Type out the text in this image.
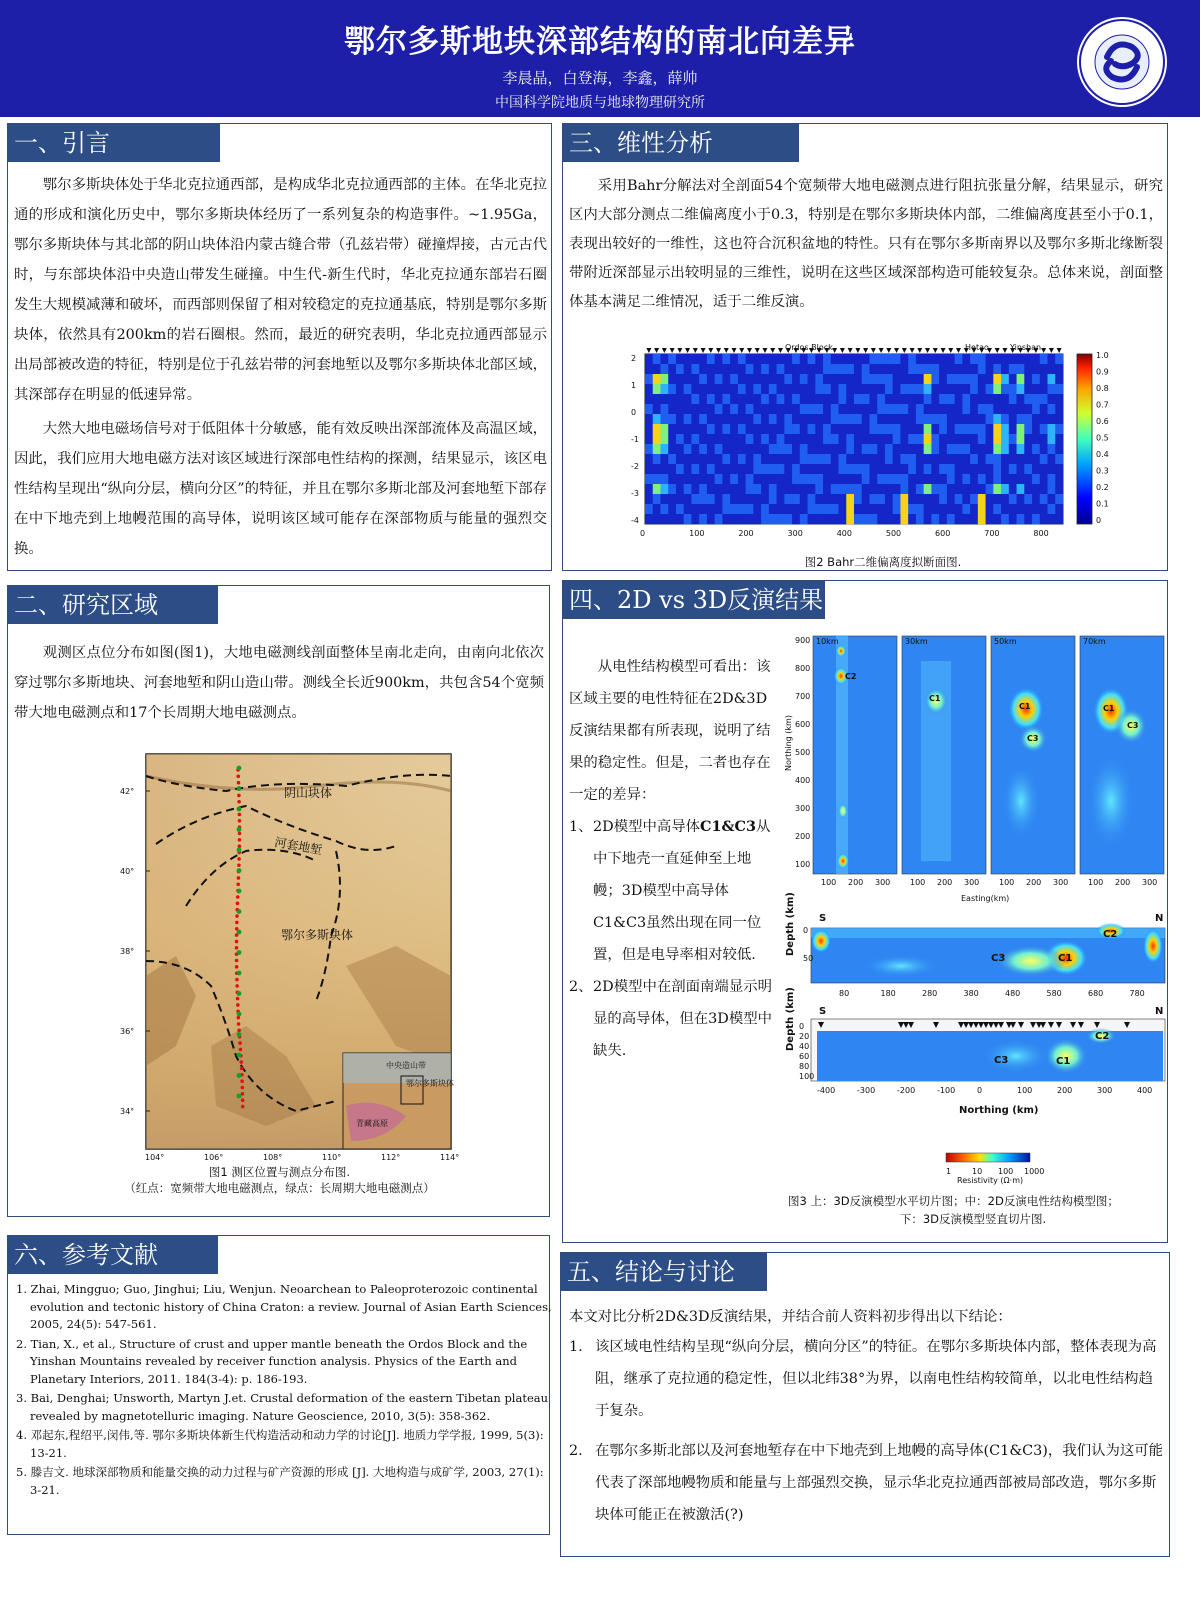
鄂尔多斯地块深部结构的南北向差异
李晨晶，白登海，李鑫，薛帅
中国科学院地质与地球物理研究所
一、引言

鄂尔多斯块体处于华北克拉通西部，是构成华北克拉通西部的主体。在华北克拉通的形成和演化历史中，鄂尔多斯块体经历了一系列复杂的构造事件。~1.95Ga，鄂尔多斯块体与其北部的阴山块体沿内蒙古缝合带（孔兹岩带）碰撞焊接，古元古代时，与东部块体沿中央造山带发生碰撞。中生代-新生代时，华北克拉通东部岩石圈发生大规模减薄和破坏，而西部则保留了相对较稳定的克拉通基底，特别是鄂尔多斯块体，依然具有200km的岩石圈根。然而，最近的研究表明，华北克拉通西部显示出局部被改造的特征，特别是位于孔兹岩带的河套地堑以及鄂尔多斯块体北部区域，其深部存在明显的低速异常。

大然大地电磁场信号对于低阻体十分敏感，能有效反映出深部流体及高温区域，因此，我们应用大地电磁方法对该区域进行深部电性结构的探测，结果显示，该区电性结构呈现出“纵向分层，横向分区”的特征，并且在鄂尔多斯北部及河套地堑下部存在中下地壳到上地幔范围的高导体，说明该区域可能存在深部物质与能量的强烈交换。

二、研究区域

观测区点位分布如图(图1)，大地电磁测线剖面整体呈南北走向，由南向北依次穿过鄂尔多斯地块、河套地堑和阴山造山带。测线全长近900km，共包含54个宽频带大地电磁测点和17个长周期大地电磁测点。

中央造山带
鄂尔多斯块体
青藏高原
阴山块体
河套地堑
鄂尔多斯块体
42°
40°
38°
36°
34°
104°	106°	108°	110°	112°	114°
图1 测区位置与测点分布图.
（红点：宽频带大地电磁测点，绿点：长周期大地电磁测点）
六、参考文献
1. Zhai, Mingguo; Guo, Jinghui; Liu, Wenjun. Neoarchean to Paleoproterozoic continental evolution and tectonic history of China Craton: a review. Journal of Asian Earth Sciences, 2005, 24(5): 547-561.
2. Tian, X., et al., Structure of crust and upper mantle beneath the Ordos Block and the Yinshan Mountains revealed by receiver function analysis. Physics of the Earth and Planetary Interiors, 2011. 184(3-4): p. 186-193.
3. Bai, Denghai; Unsworth, Martyn J.et. Crustal deformation of the eastern Tibetan plateau revealed by magnetotelluric imaging. Nature Geoscience, 2010, 3(5): 358-362.
4. 邓起东,程绍平,闵伟,等. 鄂尔多斯块体新生代构造活动和动力学的讨论[J]. 地质力学学报, 1999, 5(3): 13-21.
5. 滕吉文. 地球深部物质和能量交换的动力过程与矿产资源的形成 [J]. 大地构造与成矿学, 2003, 27(1): 3-21.
三、维性分析

采用Bahr分解法对全剖面54个宽频带大地电磁测点进行阻抗张量分解，结果显示，研究区内大部分测点二维偏离度小于0.3，特别是在鄂尔多斯块体内部，二维偏离度甚至小于0.1，表现出较好的一维性，这也符合沉积盆地的特性。只有在鄂尔多斯南界以及鄂尔多斯北缘断裂带附近深部显示出较明显的三维性，说明在这些区域深部构造可能较复杂。总体来说，剖面整体基本满足二维情况，适于二维反演。

Ordos Block	Hetao	Yinshan
0	100	200	300	400	500	600	700	800
2
1
0
-1
-2
-3
-4
1.0
0.9
0.8
0.7
0.6
0.5
0.4
0.3
0.2
0.1
0
图2 Bahr二维偏离度拟断面图.
四、2D vs 3D反演结果

从电性结构模型可看出：该区域主要的电性特征在2D&3D反演结果都有所表现，说明了结果的稳定性。但是，二者也存在一定的差异：

1、 2D模型中高导体C1&C3从中下地壳一直延伸至上地幔；3D模型中高导体C1&C3虽然出现在同一位置，但是电导率相对较低.
2、 2D模型中在剖面南端显示明显的高导体，但在3D模型中缺失.
10km
C2
30km
C1
50km
C1
C3
70km
C1
C3
900
800
700
600
500
400
300
200
100
Northing (km)
100 200 300 100 200 300 100 200 300 100 200 300
Easting(km)
S	N
C3	C1
C2
Depth (km)
80	180	280	380	480	580	680	780
0
50
S	N
C3	C1
C2
Depth (km)
-400	-300	-200	-100	0	100	200	300	400
0
20
40
60
80
100
Northing (km)
1	10 100 1000
Resistivity (Ω·m)
图3 上：3D反演模型水平切片图；中：2D反演电性结构模型图；
下：3D反演模型竖直切片图.
五、结论与讨论
本文对比分析2D&3D反演结果，并结合前人资料初步得出以下结论：
1. 该区域电性结构呈现“纵向分层，横向分区”的特征。在鄂尔多斯块体内部，整体表现为高阻，继承了克拉通的稳定性，但以北纬38°为界，以南电性结构较简单，以北电性结构趋于复杂。
2. 在鄂尔多斯北部以及河套地堑存在中下地壳到上地幔的高导体(C1&C3)，我们认为这可能代表了深部地幔物质和能量与上部强烈交换，显示华北克拉通西部被局部改造，鄂尔多斯块体可能正在被激活(?)
